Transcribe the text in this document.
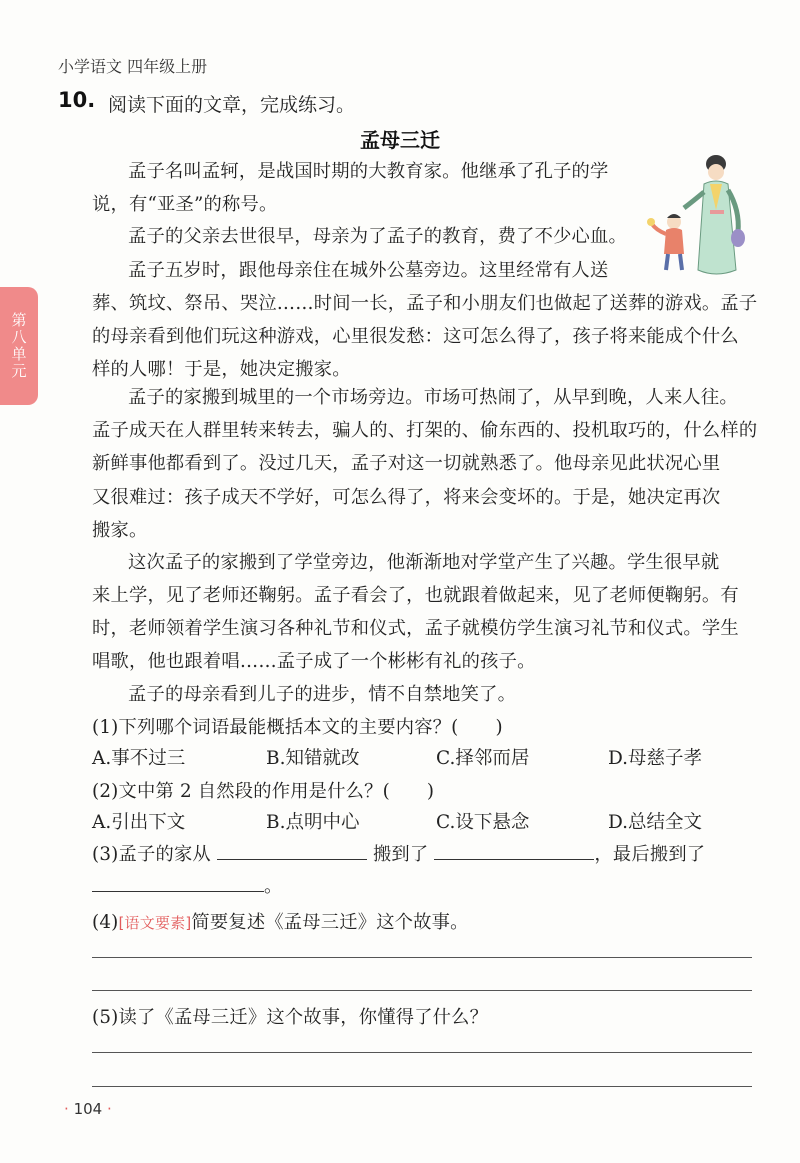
小学语文 四年级上册
10. 阅读下面的文章，完成练习。
孟母三迁
第八单元
孟子名叫孟轲，是战国时期的大教育家。他继承了孔子的学
说，有“亚圣”的称号。
孟子的父亲去世很早，母亲为了孟子的教育，费了不少心血。
孟子五岁时，跟他母亲住在城外公墓旁边。这里经常有人送
葬、筑坟、祭吊、哭泣……时间一长，孟子和小朋友们也做起了送葬的游戏。孟子
的母亲看到他们玩这种游戏，心里很发愁：这可怎么得了，孩子将来能成个什么
样的人哪！于是，她决定搬家。
孟子的家搬到城里的一个市场旁边。市场可热闹了，从早到晚，人来人往。
孟子成天在人群里转来转去，骗人的、打架的、偷东西的、投机取巧的，什么样的
新鲜事他都看到了。没过几天，孟子对这一切就熟悉了。他母亲见此状况心里
又很难过：孩子成天不学好，可怎么得了，将来会变坏的。于是，她决定再次
搬家。
这次孟子的家搬到了学堂旁边，他渐渐地对学堂产生了兴趣。学生很早就
来上学，见了老师还鞠躬。孟子看会了，也就跟着做起来，见了老师便鞠躬。有
时，老师领着学生演习各种礼节和仪式，孟子就模仿学生演习礼节和仪式。学生
唱歌，他也跟着唱……孟子成了一个彬彬有礼的孩子。
孟子的母亲看到儿子的进步，情不自禁地笑了。
(1)下列哪个词语最能概括本文的主要内容？(　　)
A.事不过三	B.知错就改	C.择邻而居	D.母慈子孝
(2)文中第 2 自然段的作用是什么？(　　)
A.引出下文	B.点明中心	C.设下悬念	D.总结全文
(3)孟子的家从	搬到了	，最后搬到了
。
(4)[语文要素]简要复述《孟母三迁》这个故事。
(5)读了《孟母三迁》这个故事，你懂得了什么？
· 104 ·
